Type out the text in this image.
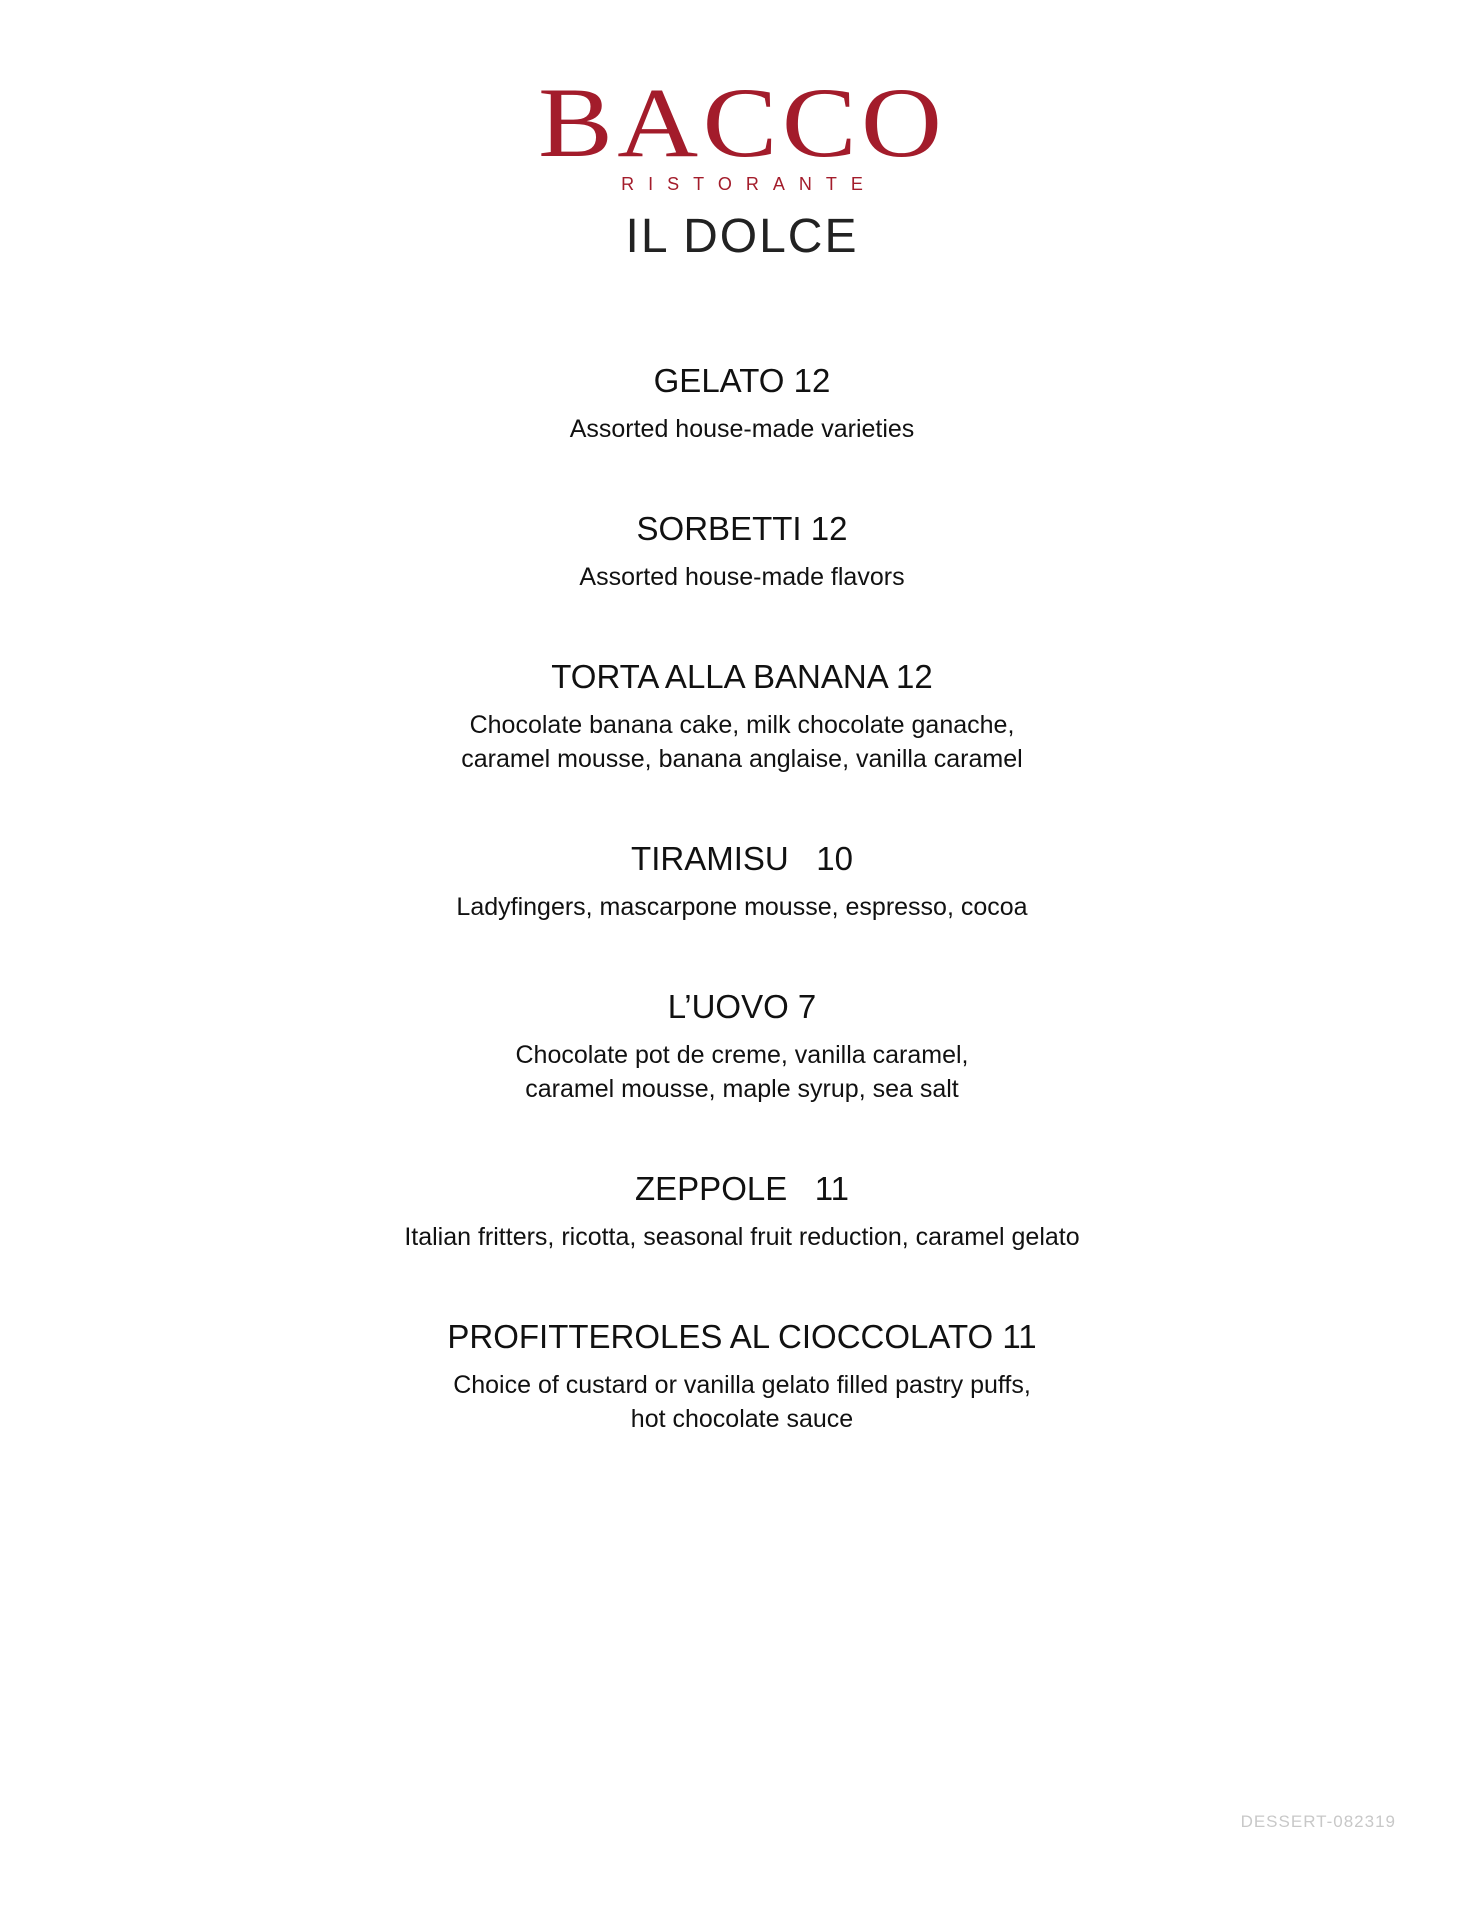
BACCO
RISTORANTE
IL DOLCE
GELATO 12
Assorted house-made varieties
SORBETTI 12
Assorted house-made flavors
TORTA ALLA BANANA 12
Chocolate banana cake, milk chocolate ganache,
caramel mousse, banana anglaise, vanilla caramel
TIRAMISU   10
Ladyfingers, mascarpone mousse, espresso, cocoa
L’UOVO 7
Chocolate pot de creme, vanilla caramel,
caramel mousse, maple syrup, sea salt
ZEPPOLE   11
Italian fritters, ricotta, seasonal fruit reduction, caramel gelato
PROFITTEROLES AL CIOCCOLATO 11
Choice of custard or vanilla gelato filled pastry puffs,
hot chocolate sauce
DESSERT-082319
